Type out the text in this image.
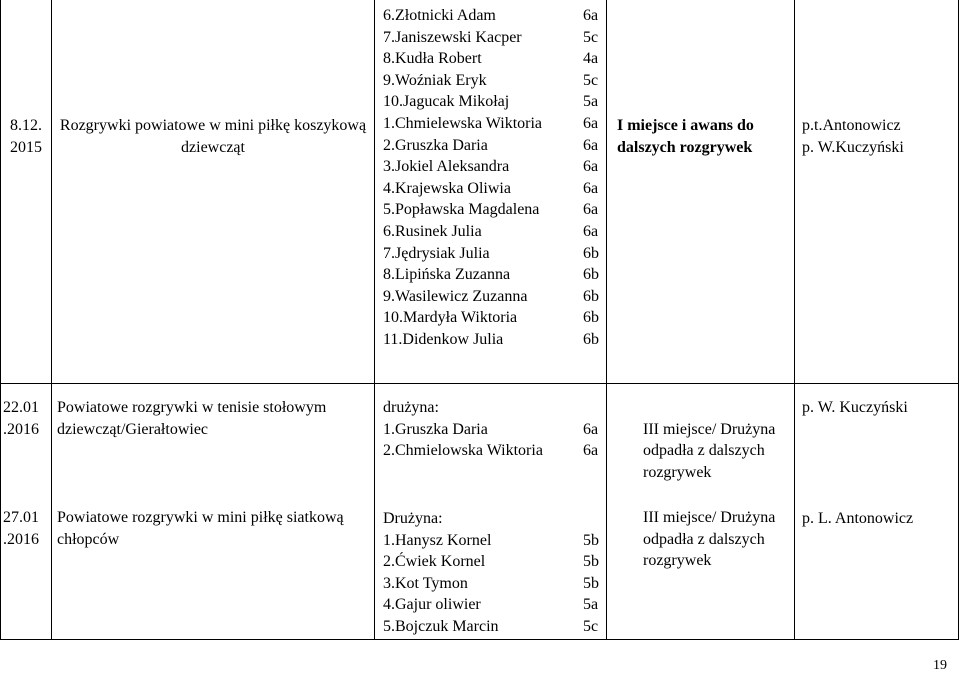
8.12.
2015
Rozgrywki powiatowe w mini piłkę koszykową dziewcząt
6.Złotnicki Adam
7.Janiszewski Kacper
8.Kudła Robert
9.Woźniak Eryk
10.Jagucak Mikołaj
1.Chmielewska Wiktoria
2.Gruszka Daria
3.Jokiel Aleksandra
4.Krajewska Oliwia
5.Popławska Magdalena
6.Rusinek Julia
7.Jędrysiak Julia
8.Lipińska Zuzanna
9.Wasilewicz Zuzanna
10.Mardyła Wiktoria
11.Didenkow Julia
6a
5c
4a
5c
5a
6a
6a
6a
6a
6a
6a
6b
6b
6b
6b
6b
I miejsce i awans do dalszych rozgrywek
p.t.Antonowicz
p. W.Kuczyński
22.01
.2016
Powiatowe rozgrywki w tenisie stołowym dziewcząt/Gierałtowiec
drużyna:
1.Gruszka Daria
2.Chmielowska Wiktoria
6a
6a
III miejsce/ Drużyna odpadła z dalszych rozgrywek
p. W. Kuczyński
27.01
.2016
Powiatowe rozgrywki w mini piłkę siatkową chłopców
Drużyna:
1.Hanysz Kornel
2.Ćwiek Kornel
3.Kot Tymon
4.Gajur oliwier
5.Bojczuk Marcin
5b
5b
5b
5a
5c
III miejsce/ Drużyna odpadła z dalszych rozgrywek
p. L. Antonowicz
19
